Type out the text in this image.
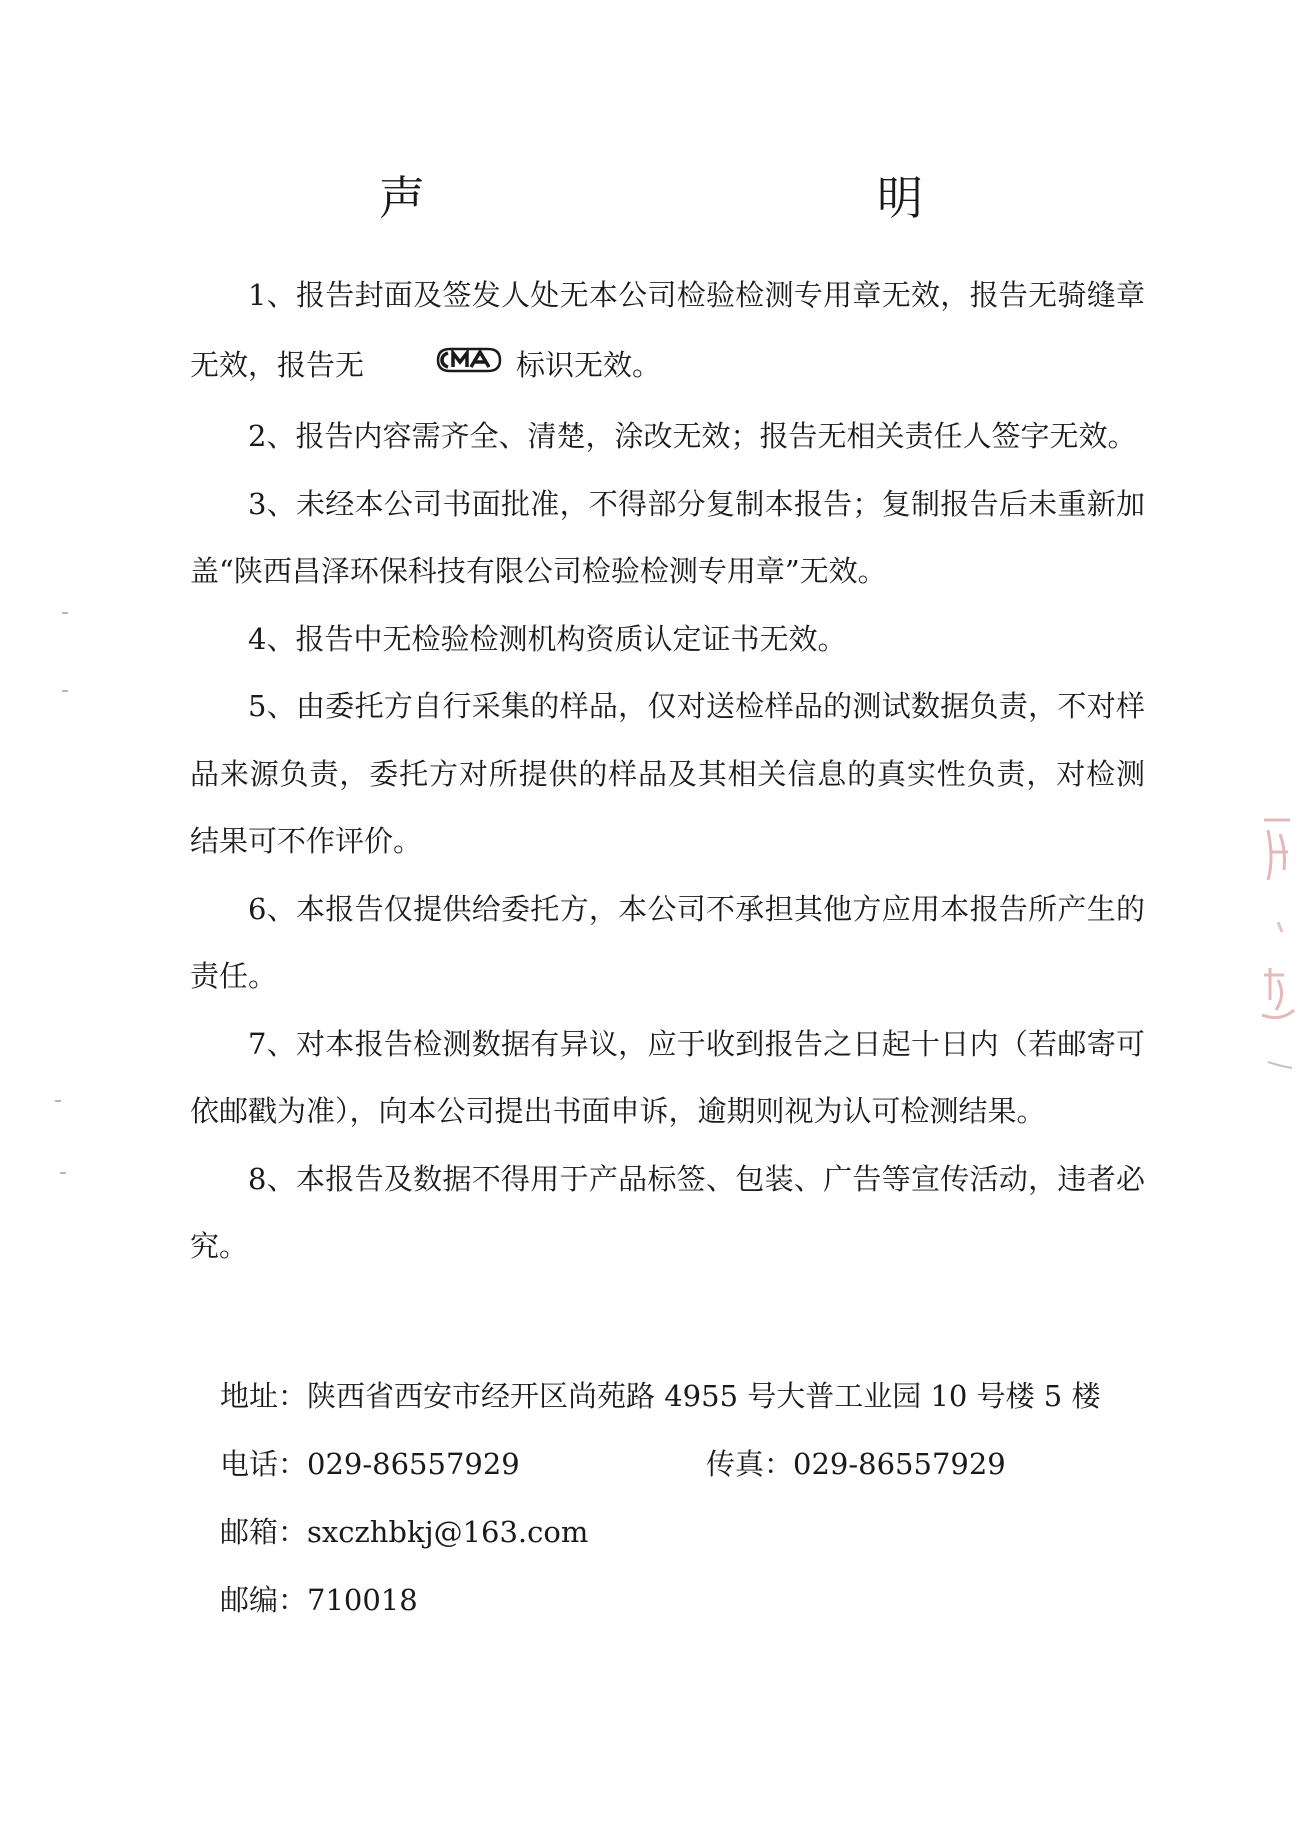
声　　明

1、报告封面及签发人处无本公司检验检测专用章无效，报告无骑缝章无效，报告无	标识无效。

2、报告内容需齐全、清楚，涂改无效；报告无相关责任人签字无效。

3、未经本公司书面批准，不得部分复制本报告；复制报告后未重新加盖“陕西昌泽环保科技有限公司检验检测专用章”无效。

4、报告中无检验检测机构资质认定证书无效。

5、由委托方自行采集的样品，仅对送检样品的测试数据负责，不对样品来源负责，委托方对所提供的样品及其相关信息的真实性负责，对检测结果可不作评价。

6、本报告仅提供给委托方，本公司不承担其他方应用本报告所产生的责任。

7、对本报告检测数据有异议，应于收到报告之日起十日内（若邮寄可依邮戳为准），向本公司提出书面申诉，逾期则视为认可检测结果。

8、本报告及数据不得用于产品标签、包装、广告等宣传活动，违者必究。

地址：陕西省西安市经开区尚苑路 4955 号大普工业园 10 号楼 5 楼
电话：029-86557929	传真：029-86557929
邮箱：sxczhbkj@163.com
邮编：710018
